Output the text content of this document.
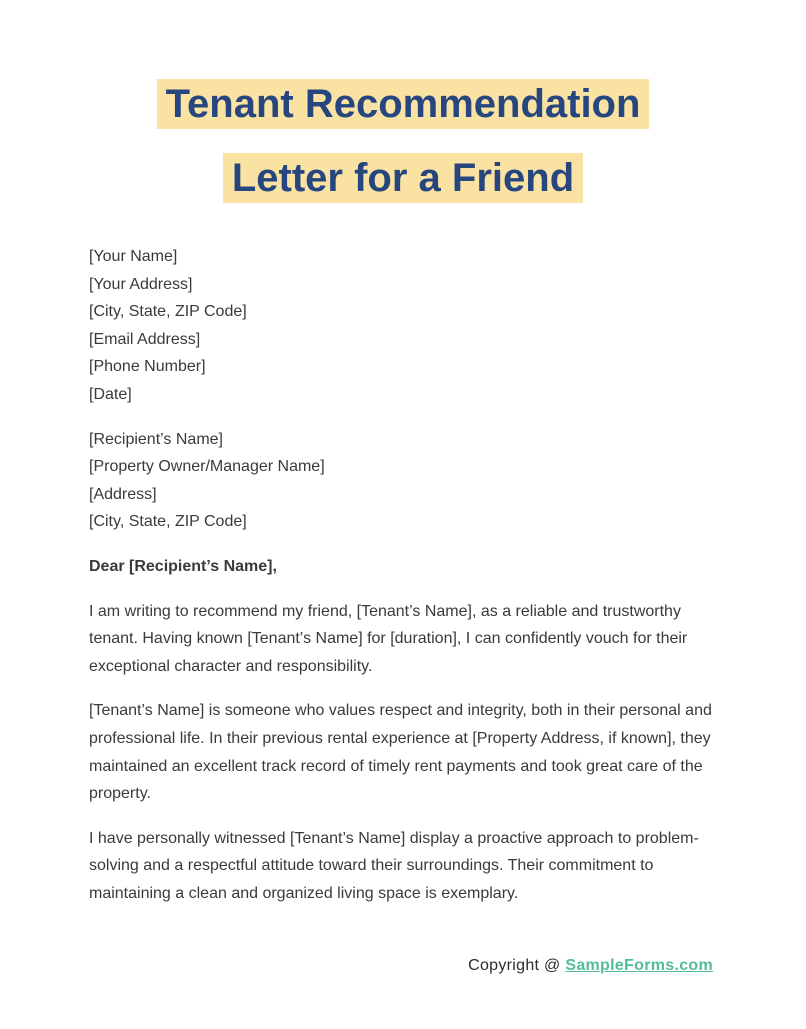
Tenant Recommendation
Letter for a Friend
[Your Name]
[Your Address]
[City, State, ZIP Code]
[Email Address]
[Phone Number]
[Date]
[Recipient’s Name]
[Property Owner/Manager Name]
[Address]
[City, State, ZIP Code]
Dear [Recipient’s Name],

I am writing to recommend my friend, [Tenant’s Name], as a reliable and trustworthy tenant. Having known [Tenant’s Name] for [duration], I can confidently vouch for their exceptional character and responsibility.

[Tenant’s Name] is someone who values respect and integrity, both in their personal and professional life. In their previous rental experience at [Property Address, if known], they maintained an excellent track record of timely rent payments and took great care of the property.

I have personally witnessed [Tenant’s Name] display a proactive approach to problem-solving and a respectful attitude toward their surroundings. Their commitment to maintaining a clean and organized living space is exemplary.

Copyright @ SampleForms.com
